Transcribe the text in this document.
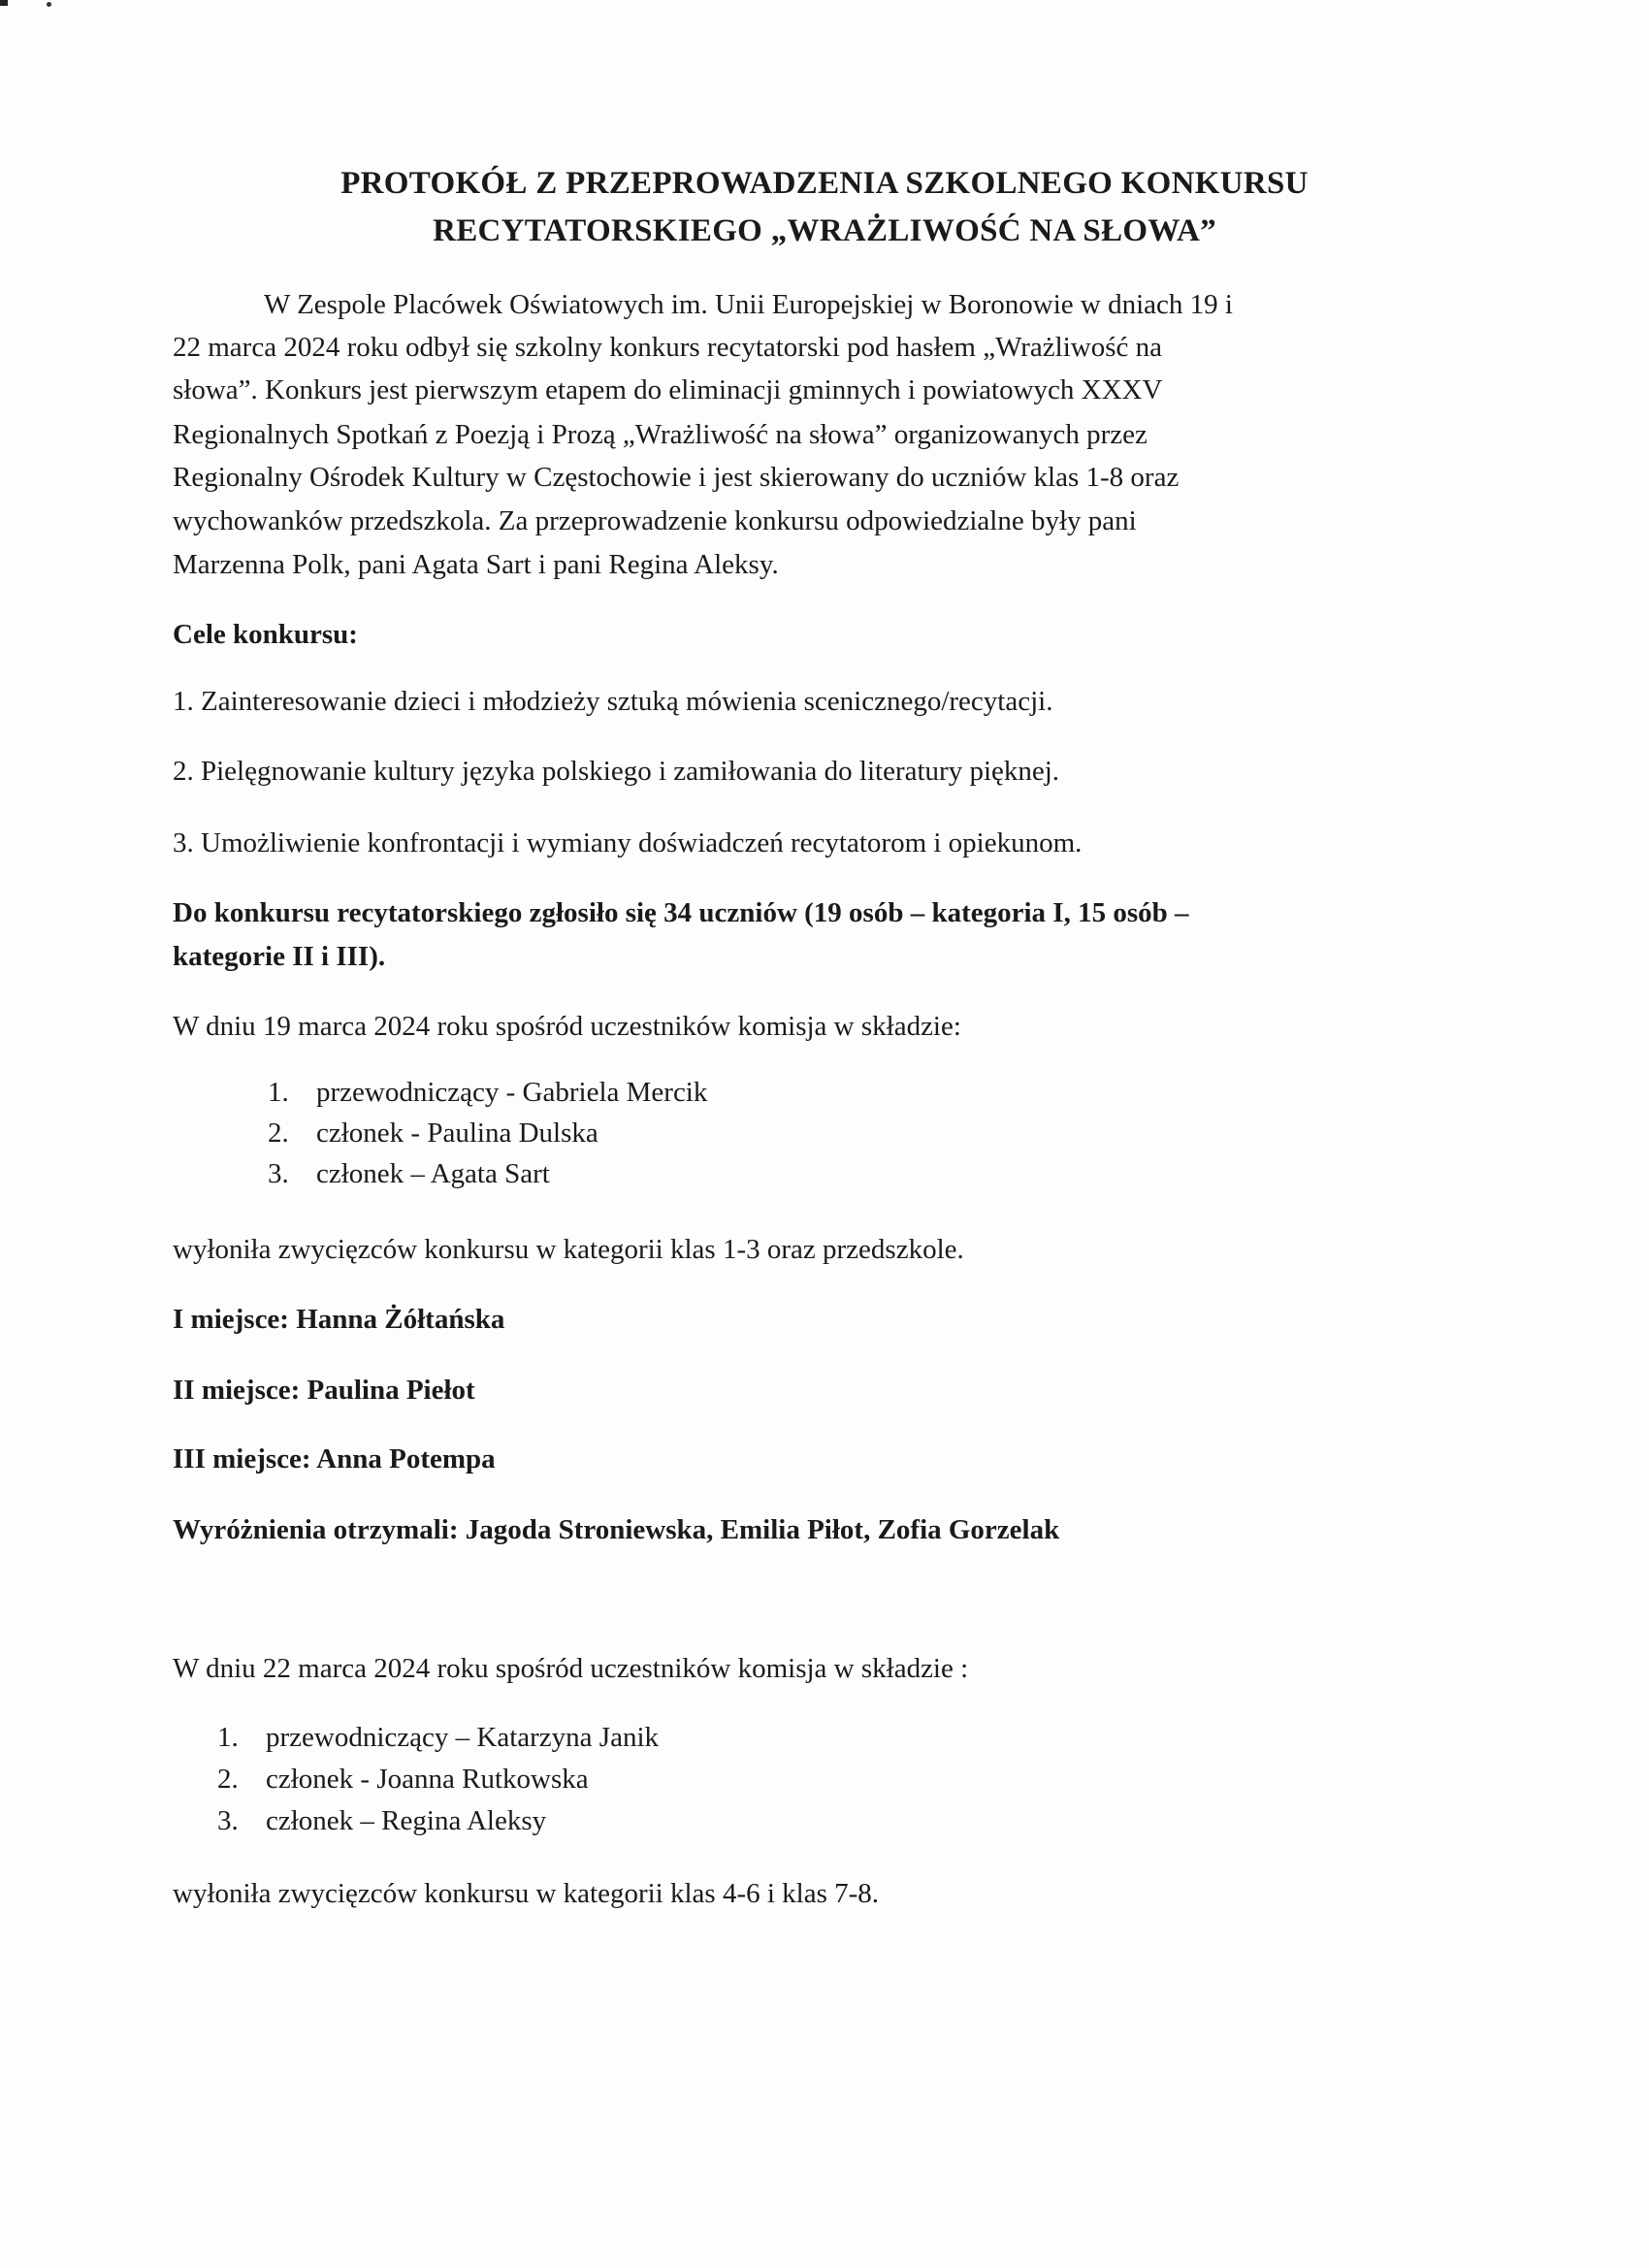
PROTOKÓŁ Z PRZEPROWADZENIA SZKOLNEGO KONKURSU
RECYTATORSKIEGO „WRAŻLIWOŚĆ NA SŁOWA”
W Zespole Placówek Oświatowych im. Unii Europejskiej w Boronowie w dniach 19 i
22 marca 2024 roku odbył się szkolny konkurs recytatorski pod hasłem „Wrażliwość na
słowa”. Konkurs jest pierwszym etapem do eliminacji gminnych i powiatowych XXXV
Regionalnych Spotkań z Poezją i Prozą „Wrażliwość na słowa” organizowanych przez
Regionalny Ośrodek Kultury w Częstochowie i jest skierowany do uczniów klas 1-8 oraz
wychowanków przedszkola. Za przeprowadzenie konkursu odpowiedzialne były pani
Marzenna Polk, pani Agata Sart i pani Regina Aleksy.
Cele konkursu:
1. Zainteresowanie dzieci i młodzieży sztuką mówienia scenicznego/recytacji.
2. Pielęgnowanie kultury języka polskiego i zamiłowania do literatury pięknej.
3. Umożliwienie konfrontacji i wymiany doświadczeń recytatorom i opiekunom.
Do konkursu recytatorskiego zgłosiło się 34 uczniów (19 osób – kategoria I, 15 osób –
kategorie II i III).
W dniu 19 marca 2024 roku spośród uczestników komisja w składzie:
1. przewodniczący - Gabriela Mercik
2. członek - Paulina Dulska
3. członek – Agata Sart
wyłoniła zwycięzców konkursu w kategorii klas 1-3 oraz przedszkole.
I miejsce: Hanna Żółtańska
II miejsce: Paulina Piełot
III miejsce: Anna Potempa
Wyróżnienia otrzymali: Jagoda Stroniewska, Emilia Piłot, Zofia Gorzelak
W dniu 22 marca 2024 roku spośród uczestników komisja w składzie :
1. przewodniczący – Katarzyna Janik
2. członek - Joanna Rutkowska
3. członek – Regina Aleksy
wyłoniła zwycięzców konkursu w kategorii klas 4-6 i klas 7-8.
